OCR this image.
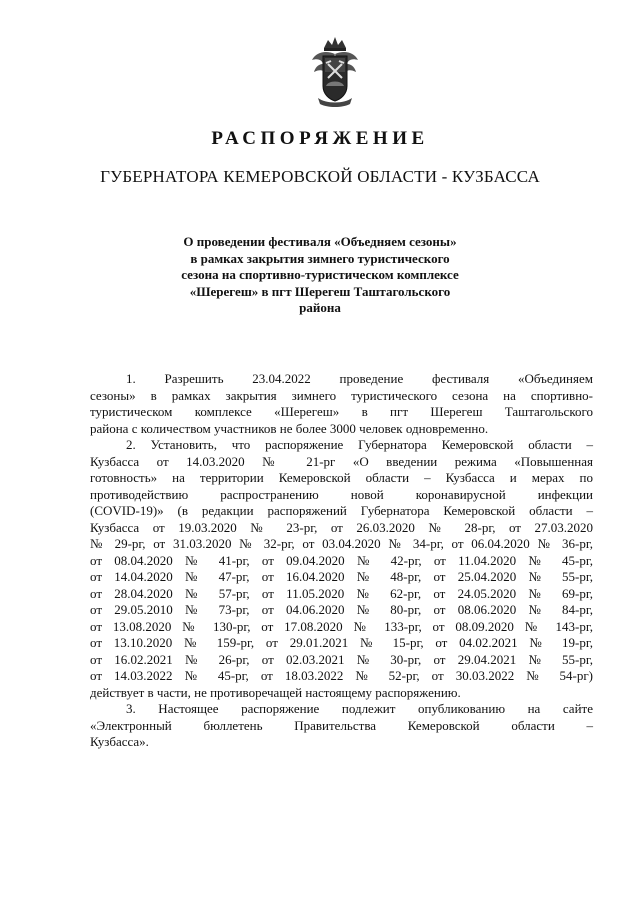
РАСПОРЯЖЕНИЕ
ГУБЕРНАТОРА КЕМЕРОВСКОЙ ОБЛАСТИ - КУЗБАССА
О проведении фестиваля «Объедняем сезоны»
в рамках закрытия зимнего туристического
сезона на спортивно-туристическом комплексе
«Шерегеш» в пгт Шерегеш Таштагольского
района
1. Разрешить 23.04.2022 проведение фестиваля «Объединяем
сезоны» в рамках закрытия зимнего туристического сезона на спортивно-
туристическом комплексе «Шерегеш» в пгт Шерегеш Таштагольского
района с количеством участников не более 3000 человек одновременно.
2. Установить, что распоряжение Губернатора Кемеровской области –
Кузбасса от 14.03.2020 № 21-рг «О введении режима «Повышенная
готовность» на территории Кемеровской области – Кузбасса и мерах по
противодействию распространению новой коронавирусной инфекции
(COVID-19)» (в редакции распоряжений Губернатора Кемеровской области –
Кузбасса от 19.03.2020 № 23-рг, от 26.03.2020 № 28-рг, от 27.03.2020
№ 29-рг, от 31.03.2020 № 32-рг, от 03.04.2020 № 34-рг, от 06.04.2020 № 36-рг,
от 08.04.2020 № 41-рг, от 09.04.2020 № 42-рг, от 11.04.2020 № 45-рг,
от 14.04.2020 № 47-рг, от 16.04.2020 № 48-рг, от 25.04.2020 № 55-рг,
от 28.04.2020 № 57-рг, от 11.05.2020 № 62-рг, от 24.05.2020 № 69-рг,
от 29.05.2010 № 73-рг, от 04.06.2020 № 80-рг, от 08.06.2020 № 84-рг,
от 13.08.2020 № 130-рг, от 17.08.2020 № 133-рг, от 08.09.2020 № 143-рг,
от 13.10.2020 № 159-рг, от 29.01.2021 № 15-рг, от 04.02.2021 № 19-рг,
от 16.02.2021 № 26-рг, от 02.03.2021 № 30-рг, от 29.04.2021 № 55-рг,
от 14.03.2022 № 45-рг, от 18.03.2022 № 52-рг, от 30.03.2022 № 54-рг)
действует в части, не противоречащей настоящему распоряжению.
3. Настоящее распоряжение подлежит опубликованию на сайте
«Электронный бюллетень Правительства Кемеровской области –
Кузбасса».
